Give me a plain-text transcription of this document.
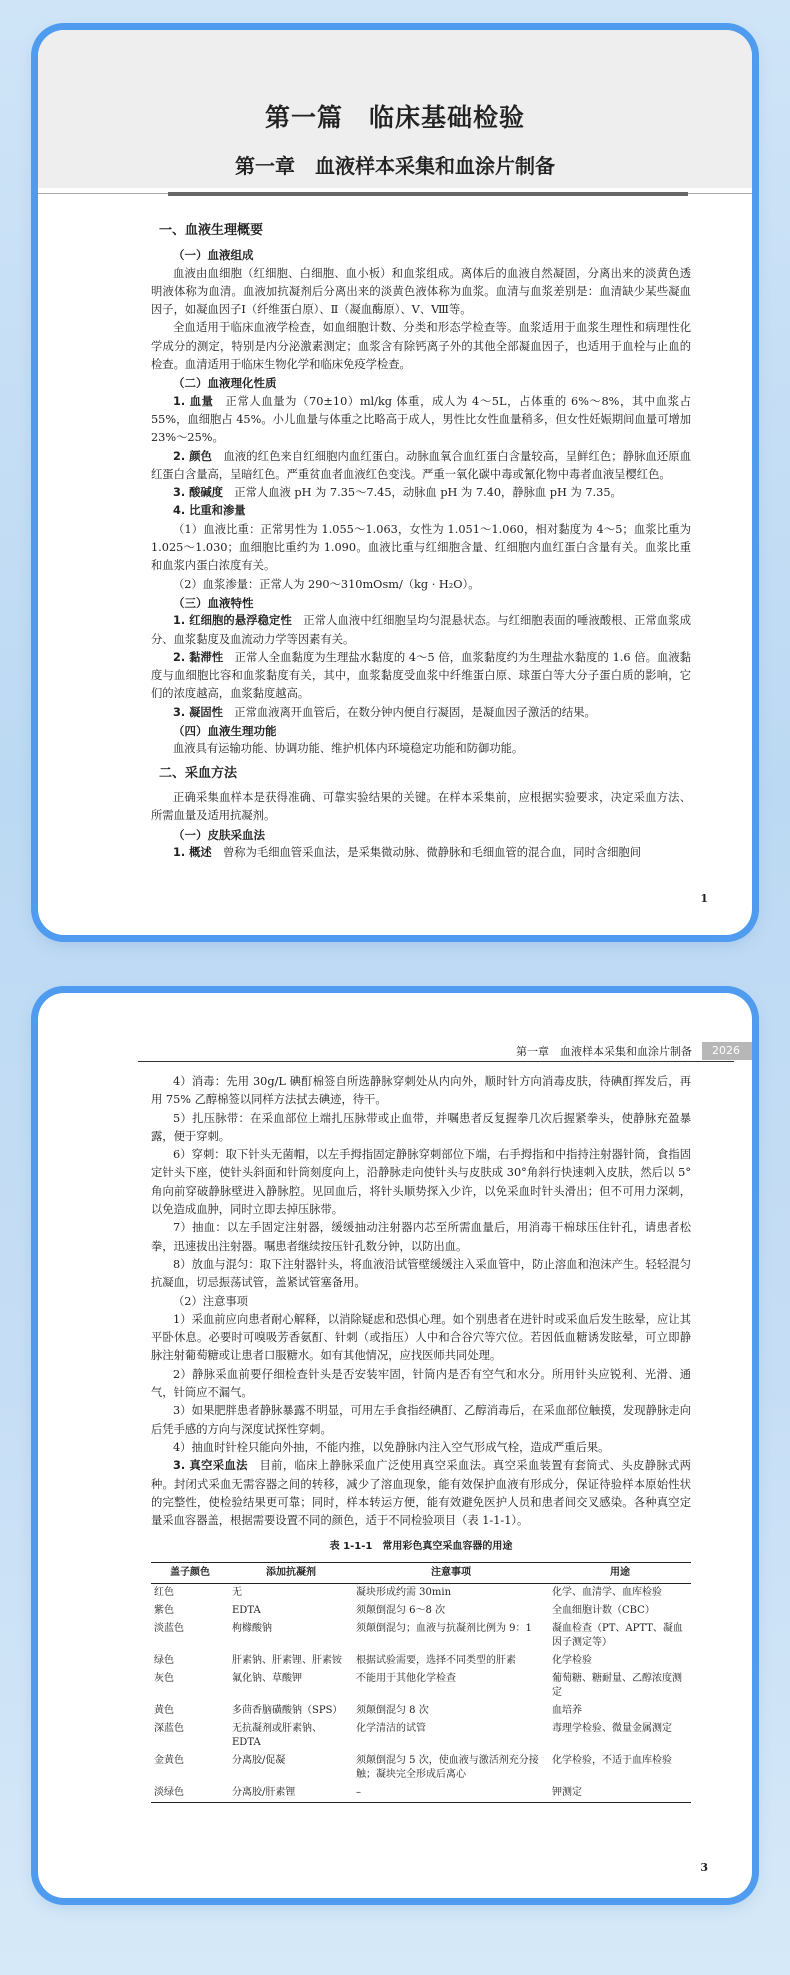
第一篇　临床基础检验
第一章　血液样本采集和血涂片制备

一、血液生理概要

（一）血液组成

血液由血细胞（红细胞、白细胞、血小板）和血浆组成。离体后的血液自然凝固，分离出来的淡黄色透明液体称为血清。血液加抗凝剂后分离出来的淡黄色液体称为血浆。血清与血浆差别是：血清缺少某些凝血因子，如凝血因子Ⅰ（纤维蛋白原）、Ⅱ（凝血酶原）、Ⅴ、Ⅷ等。

全血适用于临床血液学检查，如血细胞计数、分类和形态学检查等。血浆适用于血浆生理性和病理性化学成分的测定，特别是内分泌激素测定；血浆含有除钙离子外的其他全部凝血因子，也适用于血栓与止血的检查。血清适用于临床生物化学和临床免疫学检查。

（二）血液理化性质

1. 血量　 正常人血量为（70±10）ml/kg 体重，成人为 4～5L，占体重的 6%～8%，其中血浆占 55%，血细胞占 45%。小儿血量与体重之比略高于成人，男性比女性血量稍多，但女性妊娠期间血量可增加 23%～25%。

2. 颜色　 血液的红色来自红细胞内血红蛋白。动脉血氧合血红蛋白含量较高，呈鲜红色；静脉血还原血红蛋白含量高，呈暗红色。严重贫血者血液红色变浅。严重一氧化碳中毒或氰化物中毒者血液呈樱红色。

3. 酸碱度　 正常人血液 pH 为 7.35～7.45，动脉血 pH 为 7.40，静脉血 pH 为 7.35。

4. 比重和渗量　

（1）血液比重：正常男性为 1.055～1.063，女性为 1.051～1.060，相对黏度为 4～5；血浆比重为 1.025～1.030；血细胞比重约为 1.090。血液比重与红细胞含量、红细胞内血红蛋白含量有关。血浆比重和血浆内蛋白浓度有关。

（2）血浆渗量：正常人为 290～310mOsm/（kg · H₂O）。

（三）血液特性

1. 红细胞的悬浮稳定性　 正常人血液中红细胞呈均匀混悬状态。与红细胞表面的唾液酸根、正常血浆成分、血浆黏度及血流动力学等因素有关。

2. 黏滞性　 正常人全血黏度为生理盐水黏度的 4～5 倍，血浆黏度约为生理盐水黏度的 1.6 倍。血液黏度与血细胞比容和血浆黏度有关，其中，血浆黏度受血浆中纤维蛋白原、球蛋白等大分子蛋白质的影响，它们的浓度越高，血浆黏度越高。

3. 凝固性　 正常血液离开血管后，在数分钟内便自行凝固，是凝血因子激活的结果。

（四）血液生理功能

血液具有运输功能、协调功能、维护机体内环境稳定功能和防御功能。

二、采血方法

正确采集血样本是获得准确、可靠实验结果的关键。在样本采集前，应根据实验要求，决定采血方法、所需血量及适用抗凝剂。

（一）皮肤采血法

1. 概述　 曾称为毛细血管采血法，是采集微动脉、微静脉和毛细血管的混合血，同时含细胞间

1
第一章　血液样本采集和血涂片制备	2026

4）消毒：先用 30g/L 碘酊棉签自所选静脉穿刺处从内向外，顺时针方向消毒皮肤，待碘酊挥发后，再用 75% 乙醇棉签以同样方法拭去碘迹，待干。

5）扎压脉带：在采血部位上端扎压脉带或止血带，并嘱患者反复握拳几次后握紧拳头，使静脉充盈暴露，便于穿刺。

6）穿刺：取下针头无菌帽，以左手拇指固定静脉穿刺部位下端，右手拇指和中指持注射器针筒，食指固定针头下座，使针头斜面和针筒刻度向上，沿静脉走向使针头与皮肤成 30°角斜行快速刺入皮肤，然后以 5°角向前穿破静脉壁进入静脉腔。见回血后，将针头顺势探入少许，以免采血时针头滑出；但不可用力深刺，以免造成血肿，同时立即去掉压脉带。

7）抽血：以左手固定注射器，缓缓抽动注射器内芯至所需血量后，用消毒干棉球压住针孔，请患者松拳，迅速拔出注射器。嘱患者继续按压针孔数分钟，以防出血。

8）放血与混匀：取下注射器针头，将血液沿试管壁缓缓注入采血管中，防止溶血和泡沫产生。轻轻混匀抗凝血，切忌振荡试管，盖紧试管塞备用。

（2）注意事项

1）采血前应向患者耐心解释，以消除疑虑和恐惧心理。如个别患者在进针时或采血后发生眩晕，应让其平卧休息。必要时可嗅吸芳香氨酊、针刺（或指压）人中和合谷穴等穴位。若因低血糖诱发眩晕，可立即静脉注射葡萄糖或让患者口服糖水。如有其他情况，应找医师共同处理。

2）静脉采血前要仔细检查针头是否安装牢固，针筒内是否有空气和水分。所用针头应锐利、光滑、通气，针筒应不漏气。

3）如果肥胖患者静脉暴露不明显，可用左手食指经碘酊、乙醇消毒后，在采血部位触摸，发现静脉走向后凭手感的方向与深度试探性穿刺。

4）抽血时针栓只能向外抽，不能内推，以免静脉内注入空气形成气栓，造成严重后果。

3. 真空采血法　 目前，临床上静脉采血广泛使用真空采血法。真空采血装置有套筒式、头皮静脉式两种。封闭式采血无需容器之间的转移，减少了溶血现象，能有效保护血液有形成分，保证待验样本原始性状的完整性，使检验结果更可靠；同时，样本转运方便，能有效避免医护人员和患者间交叉感染。各种真空定量采血容器盖，根据需要设置不同的颜色，适于不同检验项目（表 1-1-1）。

表 1-1-1　常用彩色真空采血容器的用途

盖子颜色	添加抗凝剂	注意事项	用途
红色	无	凝块形成约需 30min	化学、血清学、血库检验
紫色	EDTA	须颠倒混匀 6～8 次	全血细胞计数（CBC）
淡蓝色	枸橼酸钠	须颠倒混匀；血液与抗凝剂比例为 9：1	凝血检查（PT、APTT、凝血因子测定等）
绿色	肝素钠、肝素锂、肝素铵	根据试验需要，选择不同类型的肝素	化学检验
灰色	氟化钠、草酸钾	不能用于其他化学检查	葡萄糖、糖耐量、乙醇浓度测定
黄色	多茴香脑磺酸钠（SPS）	须颠倒混匀 8 次	血培养
深蓝色	无抗凝剂或肝素钠、EDTA	化学清洁的试管	毒理学检验、微量金属测定
金黄色	分离胶/促凝	须颠倒混匀 5 次，使血液与激活剂充分接触；凝块完全形成后离心	化学检验，不适于血库检验
淡绿色	分离胶/肝素锂	–	钾测定
3
